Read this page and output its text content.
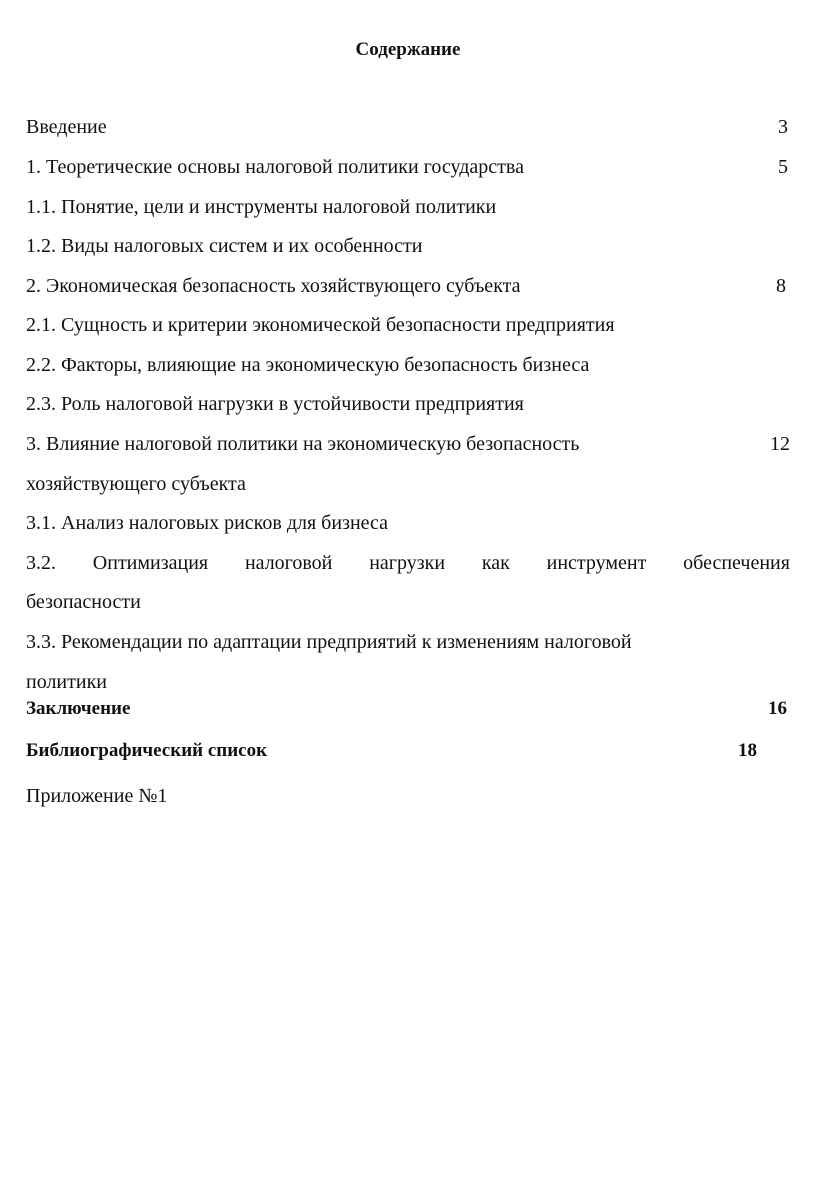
Содержание
Введение	3
1. Теоретические основы налоговой политики государства	5
1.1. Понятие, цели и инструменты налоговой политики
1.2. Виды налоговых систем и их особенности
2. Экономическая безопасность хозяйствующего субъекта	8
2.1. Сущность и критерии экономической безопасности предприятия
2.2. Факторы, влияющие на экономическую безопасность бизнеса
2.3. Роль налоговой нагрузки в устойчивости предприятия
3. Влияние налоговой политики на экономическую безопасность	12
хозяйствующего субъекта
3.1. Анализ налоговых рисков для бизнеса
3.2. Оптимизация налоговой нагрузки как инструмент обеспечения
безопасности
3.3. Рекомендации по адаптации предприятий к изменениям налоговой
политики
Заключение	16
Библиографический список	18
Приложение №1
